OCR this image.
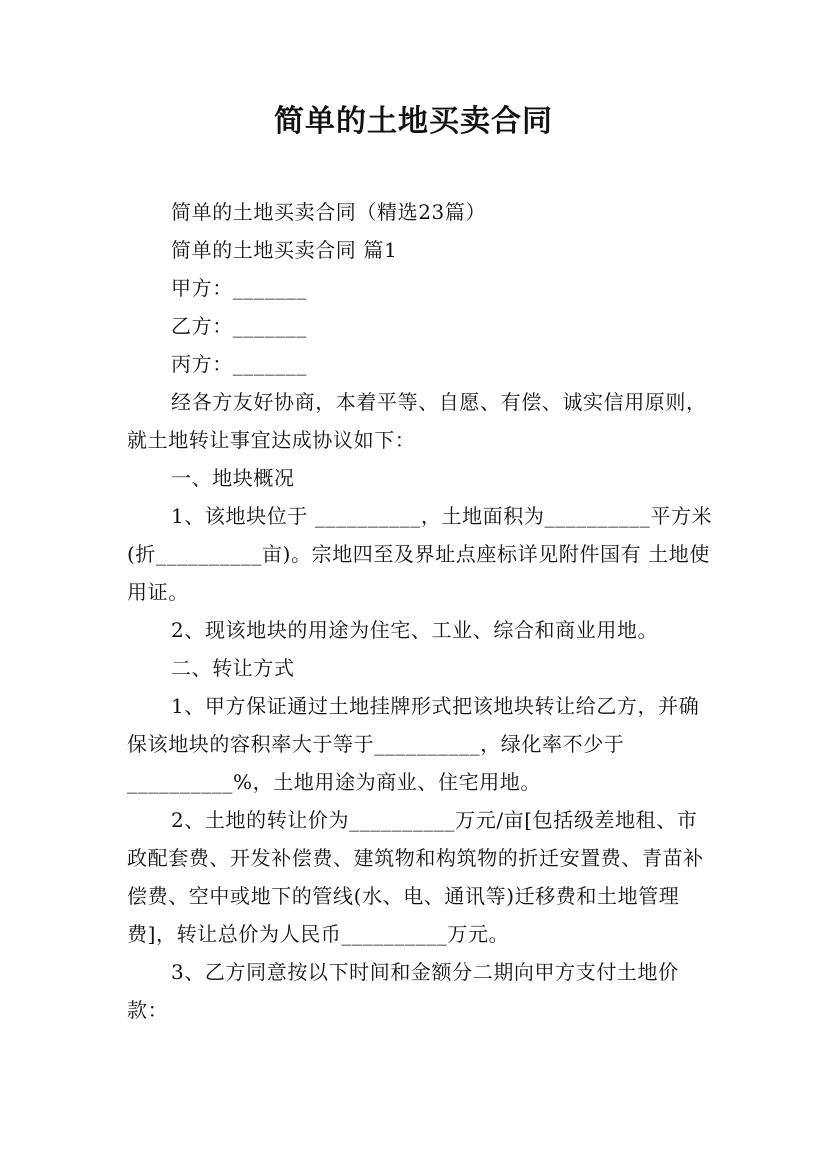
简单的土地买卖合同

简单的土地买卖合同（精选23篇）

简单的土地买卖合同 篇1

甲方：_______

乙方：_______

丙方：_______

经各方友好协商，本着平等、自愿、有偿、诚实信用原则，就土地转让事宜达成协议如下：

一、地块概况

1、该地块位于 __________，土地面积为__________平方米(折__________亩)。宗地四至及界址点座标详见附件国有 土地使用证。

2、现该地块的用途为住宅、工业、综合和商业用地。

二、转让方式

1、甲方保证通过土地挂牌形式把该地块转让给乙方，并确保该地块的容积率大于等于__________，绿化率不少于__________%，土地用途为商业、住宅用地。

2、土地的转让价为__________万元/亩[包括级差地租、市政配套费、开发补偿费、建筑物和构筑物的折迁安置费、青苗补偿费、空中或地下的管线(水、电、通讯等)迁移费和土地管理费]，转让总价为人民币__________万元。

3、乙方同意按以下时间和金额分二期向甲方支付土地价款：
